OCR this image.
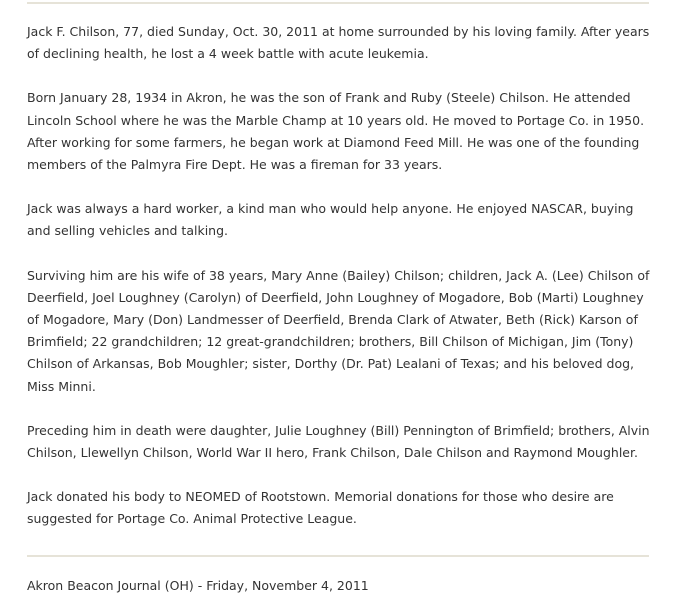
Jack F. Chilson, 77, died Sunday, Oct. 30, 2011 at home surrounded by his loving family. After years of declining health, he lost a 4 week battle with acute leukemia.

Born January 28, 1934 in Akron, he was the son of Frank and Ruby (Steele) Chilson. He attended Lincoln School where he was the Marble Champ at 10 years old. He moved to Portage Co. in 1950. After working for some farmers, he began work at Diamond Feed Mill. He was one of the founding members of the Palmyra Fire Dept. He was a fireman for 33 years.

Jack was always a hard worker, a kind man who would help anyone. He enjoyed NASCAR, buying and selling vehicles and talking.

Surviving him are his wife of 38 years, Mary Anne (Bailey) Chilson; children, Jack A. (Lee) Chilson of Deerfield, Joel Loughney (Carolyn) of Deerfield, John Loughney of Mogadore, Bob (Marti) Loughney of Mogadore, Mary (Don) Landmesser of Deerfield, Brenda Clark of Atwater, Beth (Rick) Karson of Brimfield; 22 grandchildren; 12 great-grandchildren; brothers, Bill Chilson of Michigan, Jim (Tony) Chilson of Arkansas, Bob Moughler; sister, Dorthy (Dr. Pat) Lealani of Texas; and his beloved dog, Miss Minni.

Preceding him in death were daughter, Julie Loughney (Bill) Pennington of Brimfield; brothers, Alvin Chilson, Llewellyn Chilson, World War II hero, Frank Chilson, Dale Chilson and Raymond Moughler.

Jack donated his body to NEOMED of Rootstown. Memorial donations for those who desire are suggested for Portage Co. Animal Protective League.

Akron Beacon Journal (OH) - Friday, November 4, 2011
